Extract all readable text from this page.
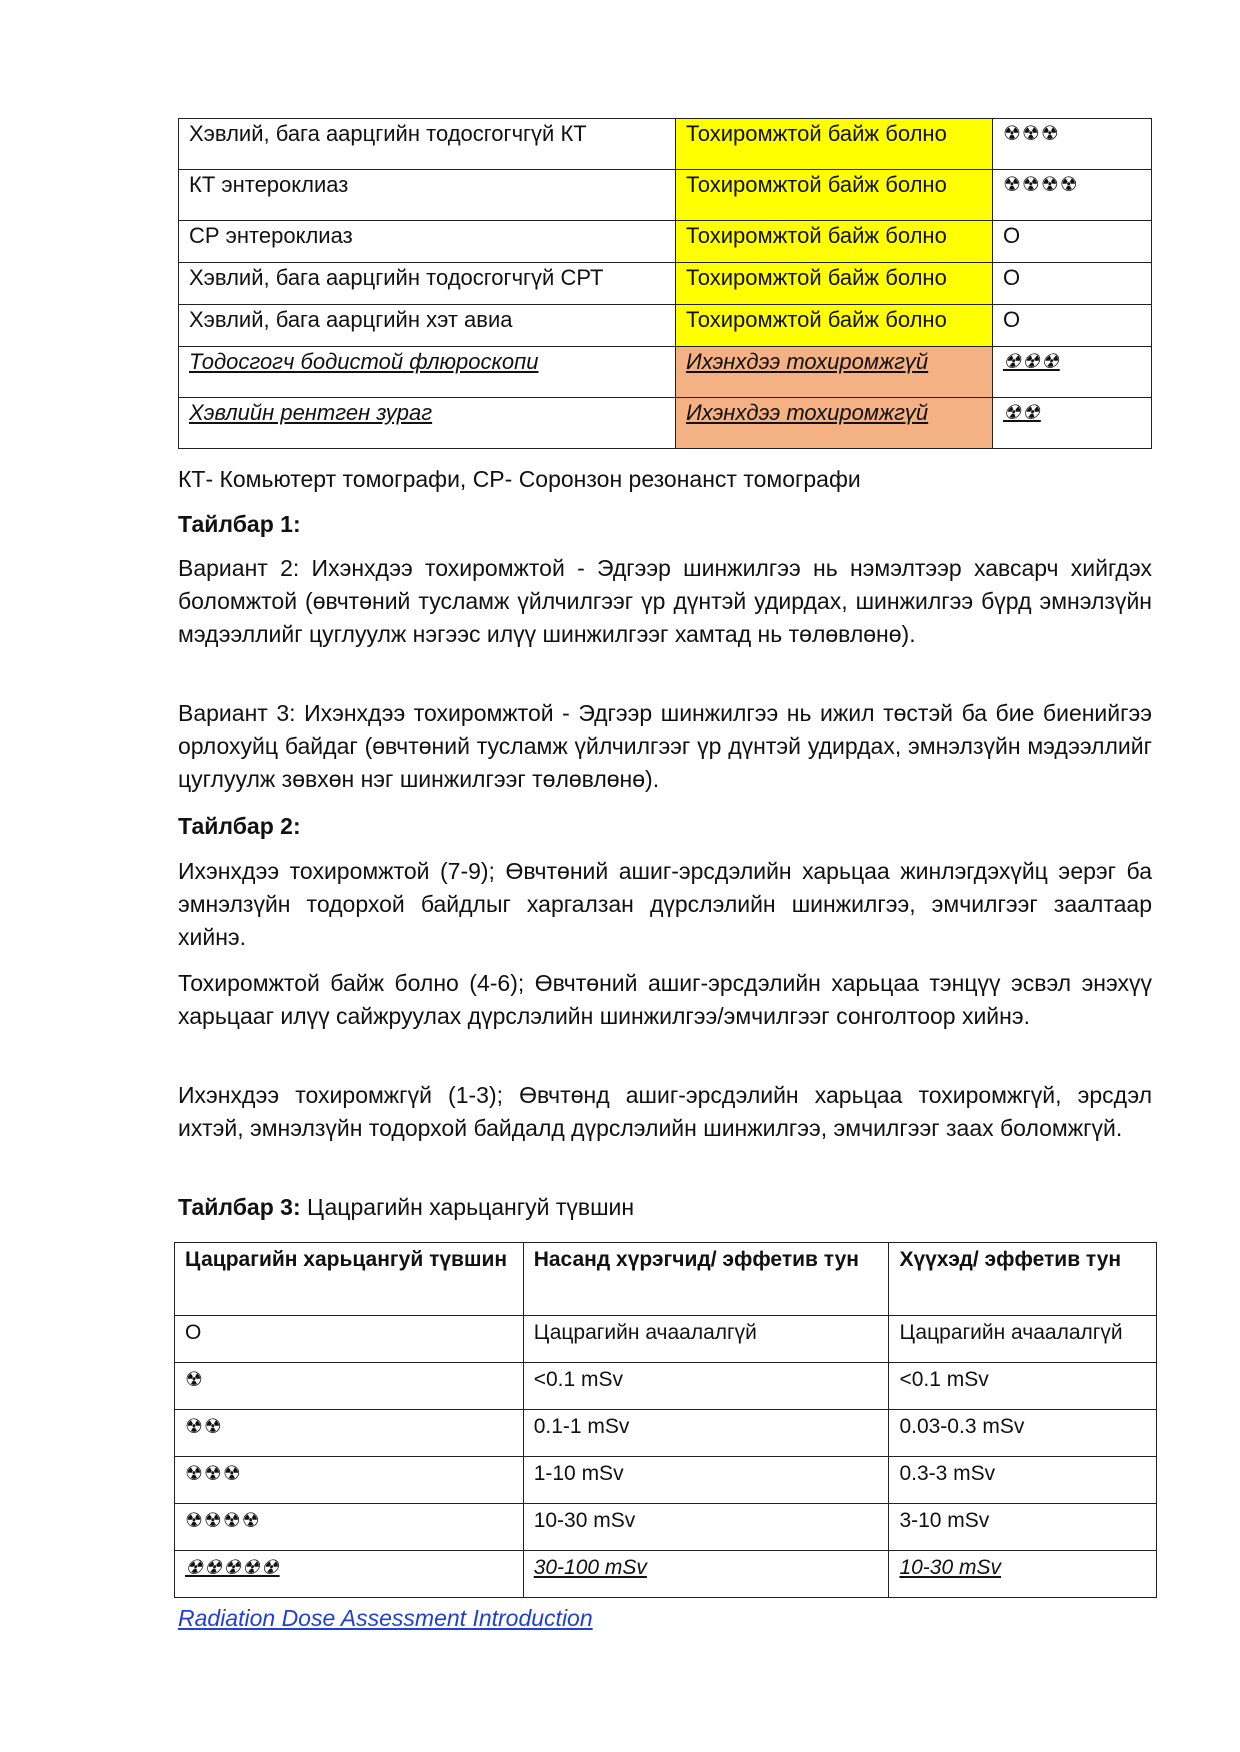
Хэвлий, бага аарцгийн тодосгогчгүй КТ	Тохиромжтой байж болно	☢☢☢
КТ энтероклиаз	Тохиромжтой байж болно	☢☢☢☢
СР энтероклиаз	Тохиромжтой байж болно	O
Хэвлий, бага аарцгийн тодосгогчгүй СРТ	Тохиромжтой байж болно	O
Хэвлий, бага аарцгийн хэт авиа	Тохиромжтой байж болно	O
Тодосгогч бодистой флюроскопи	Ихэнхдээ тохиромжгүй	☢☢☢
Хэвлийн рентген зураг	Ихэнхдээ тохиромжгүй	☢☢
КТ- Комьютерт томографи, СР- Соронзон резонанст томографи
Тайлбар 1:
Вариант 2: Ихэнхдээ тохиромжтой - Эдгээр шинжилгээ нь нэмэлтээр хавсарч хийгдэх боломжтой (өвчтөний тусламж үйлчилгээг үр дүнтэй удирдах, шинжилгээ бүрд эмнэлзүйн мэдээллийг цуглуулж нэгээс илүү шинжилгээг хамтад нь төлөвлөнө).
Вариант 3: Ихэнхдээ тохиромжтой - Эдгээр шинжилгээ нь ижил төстэй ба бие биенийгээ орлохуйц байдаг (өвчтөний тусламж үйлчилгээг үр дүнтэй удирдах, эмнэлзүйн мэдээллийг цуглуулж зөвхөн нэг шинжилгээг төлөвлөнө).
Тайлбар 2:
Ихэнхдээ тохиромжтой (7-9); Өвчтөний ашиг-эрсдэлийн харьцаа жинлэгдэхүйц эерэг ба эмнэлзүйн тодорхой байдлыг харгалзан дүрслэлийн шинжилгээ, эмчилгээг заалтаар хийнэ.
Тохиромжтой байж болно (4-6); Өвчтөний ашиг-эрсдэлийн харьцаа тэнцүү эсвэл энэхүү харьцааг илүү сайжруулах дүрслэлийн шинжилгээ/эмчилгээг сонголтоор хийнэ.
Ихэнхдээ тохиромжгүй (1-3); Өвчтөнд ашиг-эрсдэлийн харьцаа тохиромжгүй, эрсдэл ихтэй, эмнэлзүйн тодорхой байдалд дүрслэлийн шинжилгээ, эмчилгээг заах боломжгүй.
Тайлбар 3: Цацрагийн харьцангуй түвшин
Цацрагийн харьцангуй түвшин	Насанд хүрэгчид/ эффетив тун	Хүүхэд/ эффетив тун
O	Цацрагийн ачаалалгүй	Цацрагийн ачаалалгүй
☢	<0.1 mSv	<0.1 mSv
☢☢	0.1-1 mSv	0.03-0.3 mSv
☢☢☢	1-10 mSv	0.3-3 mSv
☢☢☢☢	10-30 mSv	3-10 mSv
☢☢☢☢☢	30-100 mSv	10-30 mSv
Radiation Dose Assessment Introduction
